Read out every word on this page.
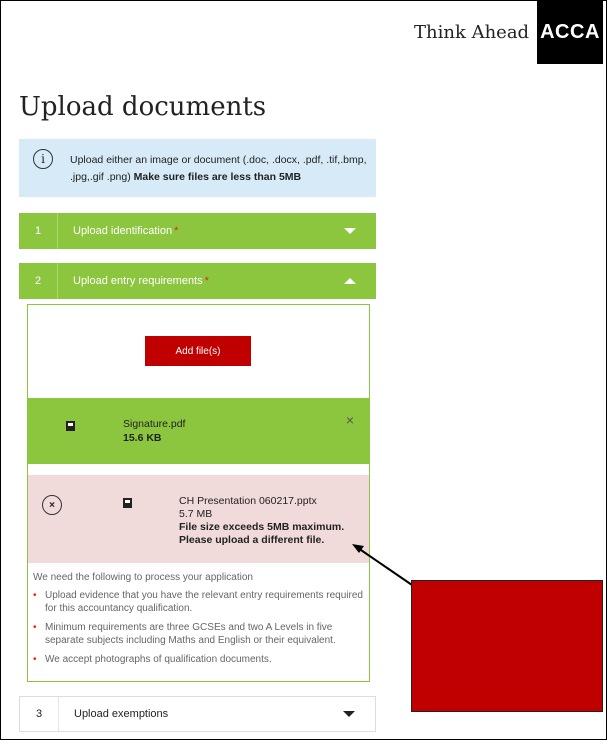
Think Ahead ACCA
Upload documents
i	Upload either an image or document (.doc, .docx, .pdf, .tif,.bmp, .jpg,.gif .png) Make sure files are less than 5MB
1	Upload identification *
2	Upload entry requirements *
Add file(s)
Signature.pdf
15.6 KB
×
×	CH Presentation 060217.pptx
5.7 MB
File size exceeds 5MB maximum.
Please upload a different file.
We need the following to process your application
• Upload evidence that you have the relevant entry requirements required for this accountancy qualification.
• Minimum requirements are three GCSEs and two A Levels in five separate subjects including Maths and English or their equivalent.
• We accept photographs of qualification documents.
3	Upload exemptions
